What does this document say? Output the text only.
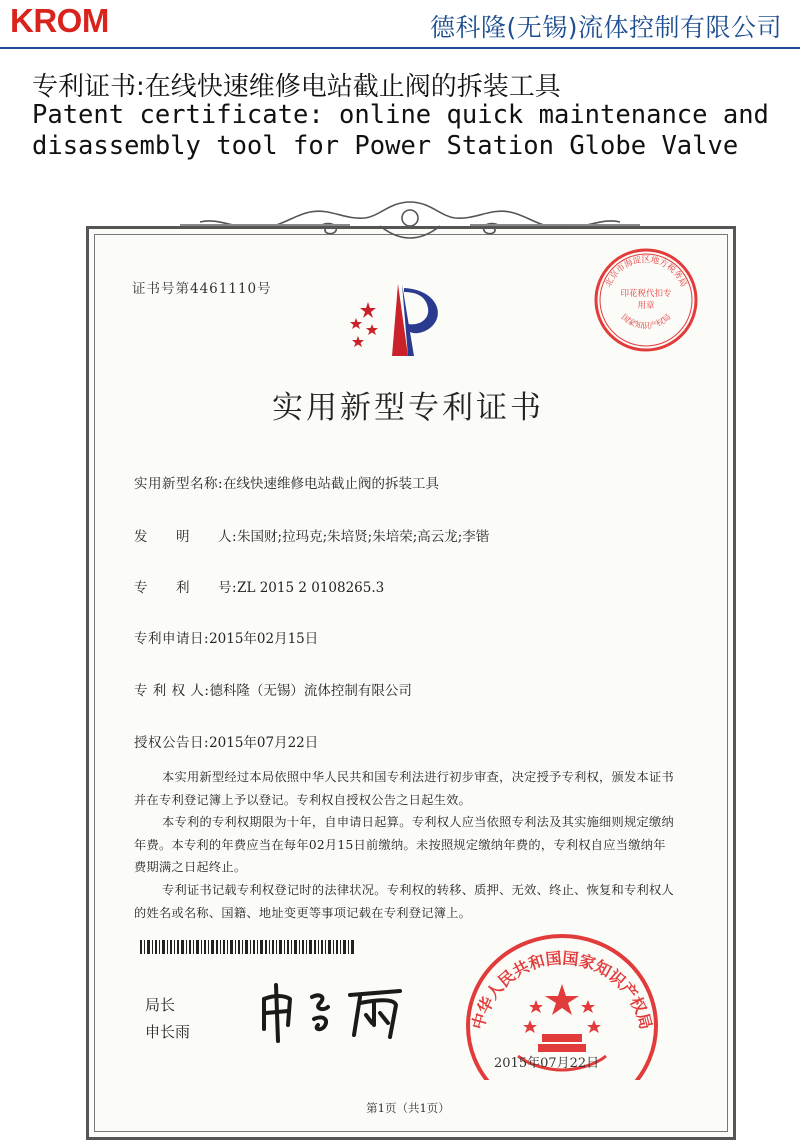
KROM	德科隆(无锡)流体控制有限公司
专利证书:在线快速维修电站截止阀的拆装工具
Patent certificate: online quick maintenance and disassembly tool for Power Station Globe Valve
证书号第4461110号	北京市海淀区地方税务局
国家知识产权局
印花税代扣专用章
实用新型专利证书
实用新型名称:在线快速维修电站截止阀的拆装工具
发　　明　　人:朱国财;拉玛克;朱培贤;朱培荣;高云龙;李锴
专　　利　　号:ZL 2015 2 0108265.3
专利申请日:2015年02月15日
专 利 权 人:德科隆（无锡）流体控制有限公司
授权公告日:2015年07月22日
本实用新型经过本局依照中华人民共和国专利法进行初步审查，决定授予专利权，颁发本证书并在专利登记簿上予以登记。专利权自授权公告之日起生效。
本专利的专利权期限为十年，自申请日起算。专利权人应当依照专利法及其实施细则规定缴纳年费。本专利的年费应当在每年02月15日前缴纳。未按照规定缴纳年费的，专利权自应当缴纳年费期满之日起终止。
专利证书记载专利权登记时的法律状况。专利权的转移、质押、无效、终止、恢复和专利权人的姓名或名称、国籍、地址变更等事项记载在专利登记簿上。
局长
申长雨
中华人民共和国国家知识产权局
2015年07月22日
第1页（共1页）
